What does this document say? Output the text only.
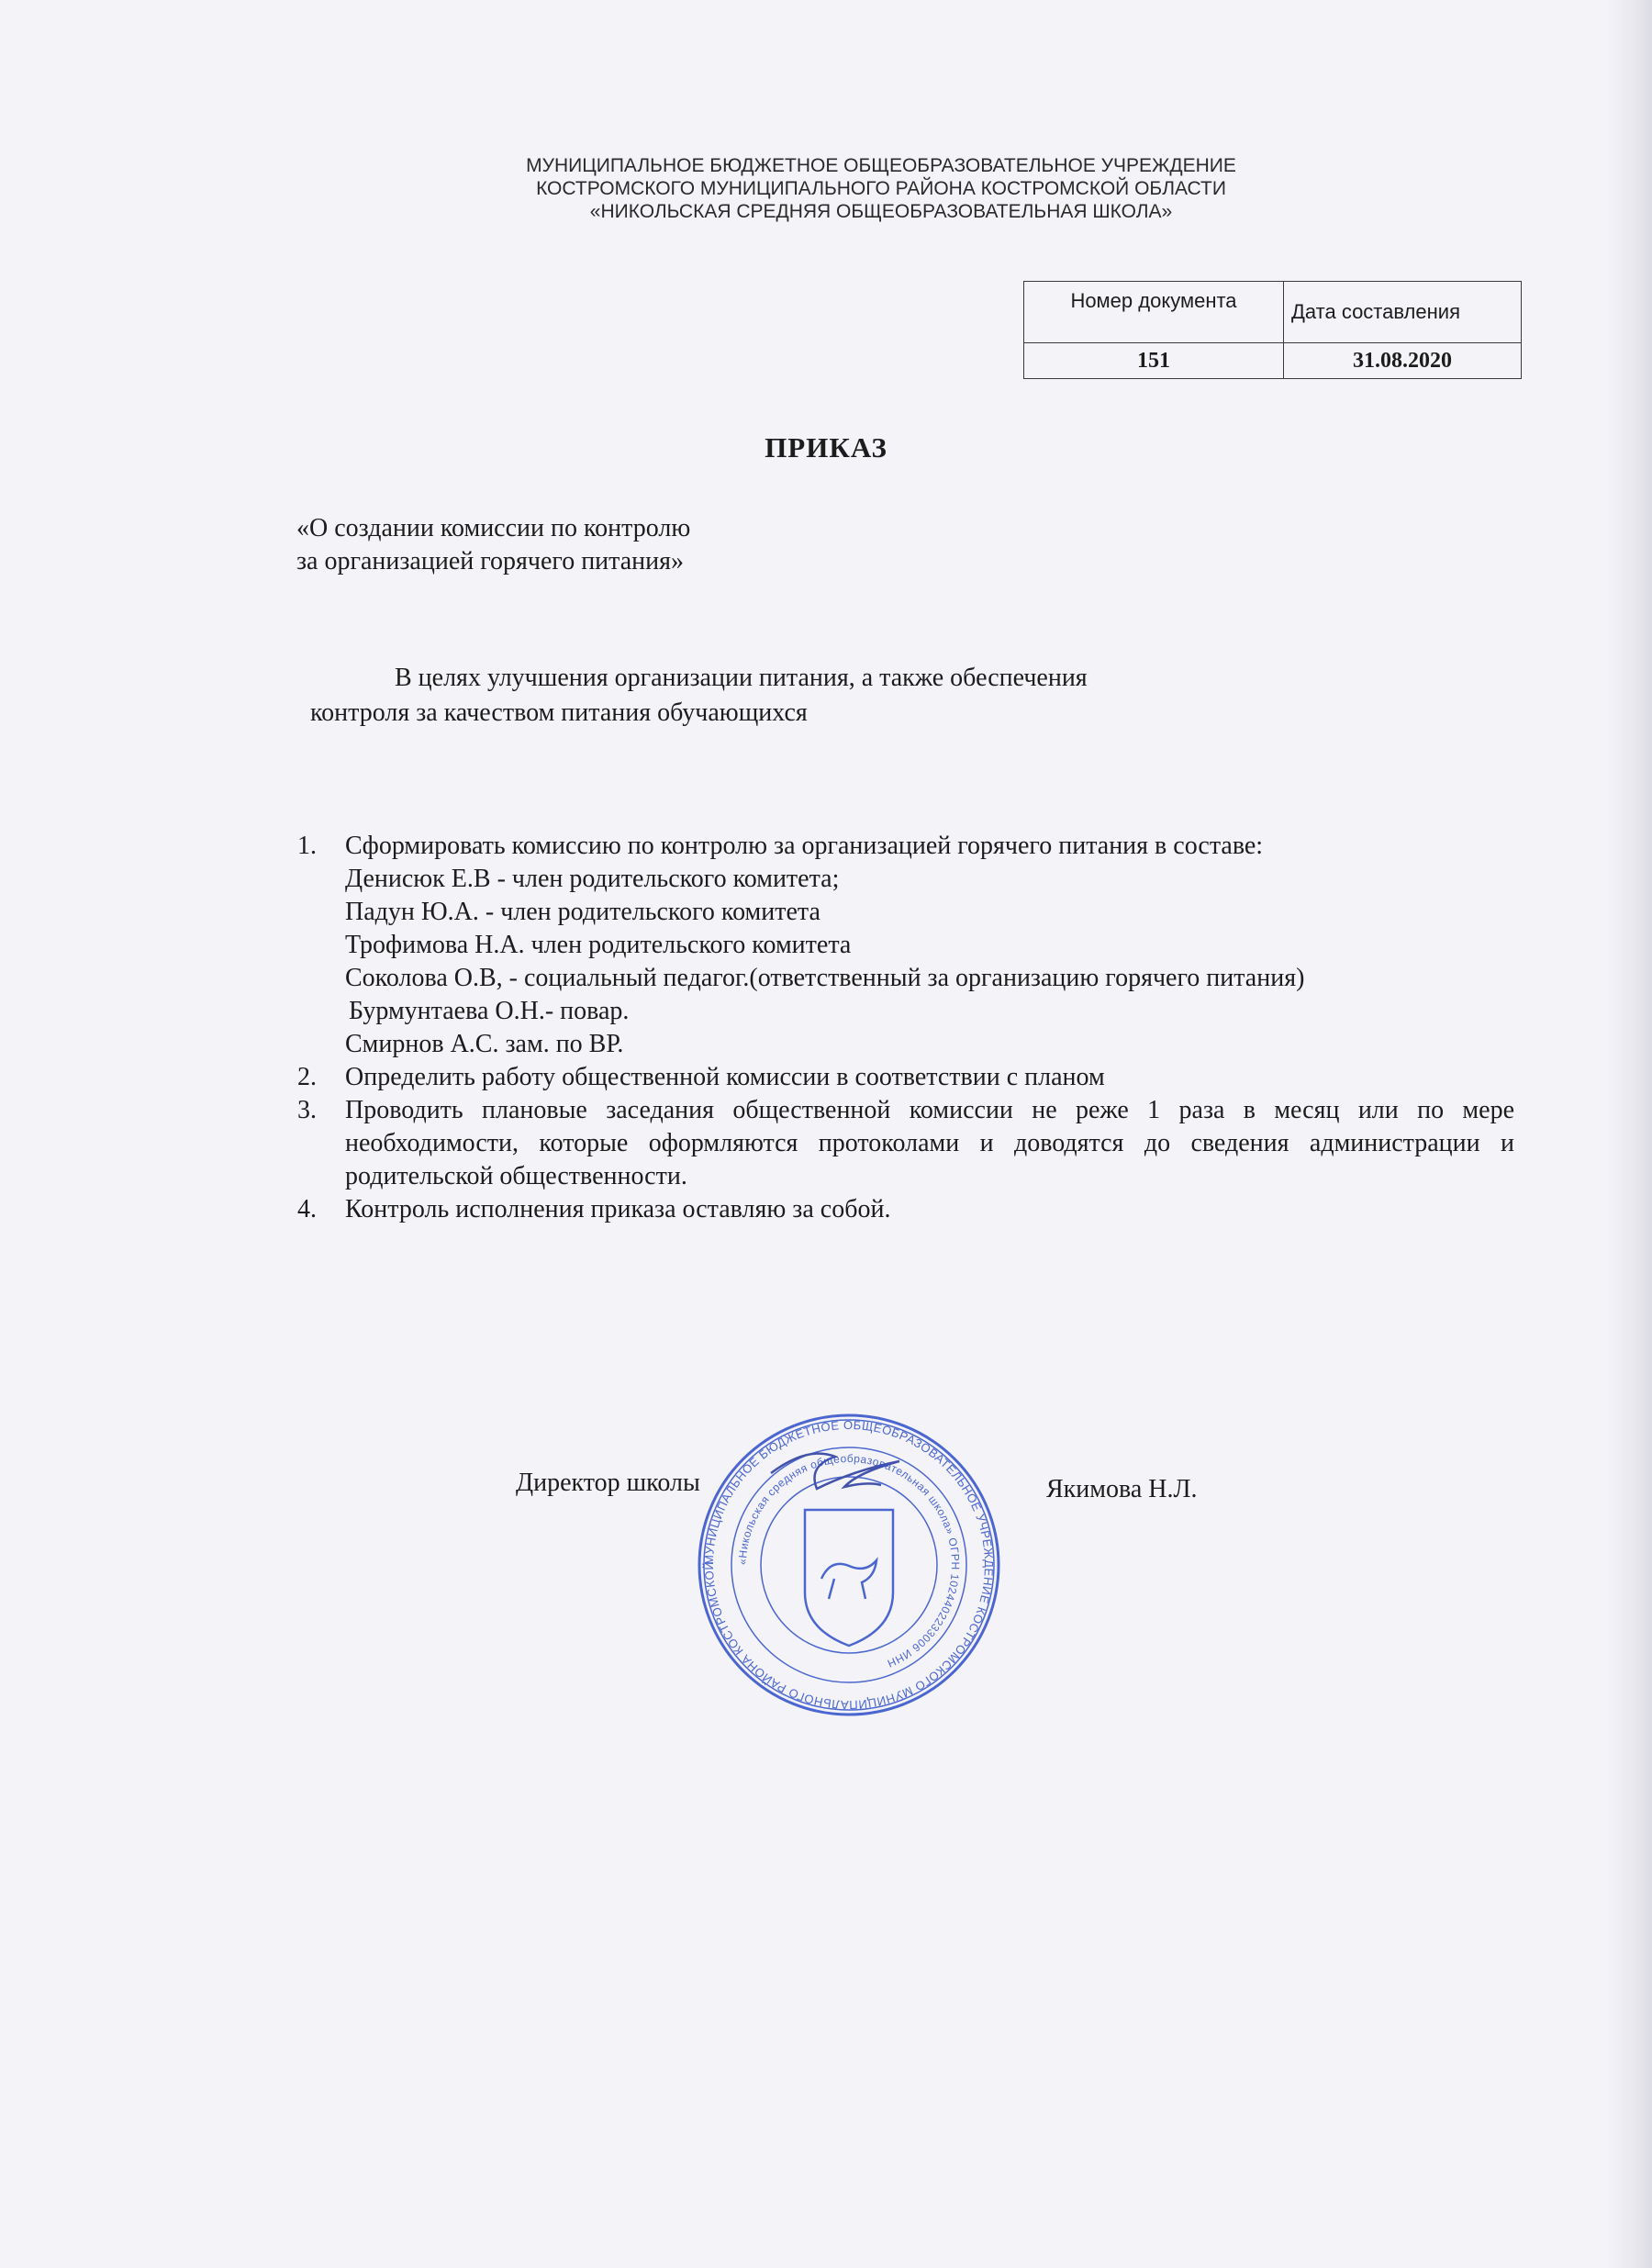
МУНИЦИПАЛЬНОЕ БЮДЖЕТНОЕ ОБЩЕОБРАЗОВАТЕЛЬНОЕ УЧРЕЖДЕНИЕ
КОСТРОМСКОГО МУНИЦИПАЛЬНОГО РАЙОНА КОСТРОМСКОЙ ОБЛАСТИ
«НИКОЛЬСКАЯ СРЕДНЯЯ ОБЩЕОБРАЗОВАТЕЛЬНАЯ ШКОЛА»
Номер документа	Дата составления
151	31.08.2020
ПРИКАЗ
«О создании комиссии по контролю
за организацией горячего питания»
В целях улучшения организации питания, а также обеспечения
контроля за качеством питания обучающихся
1. Сформировать комиссию по контролю за организацией горячего питания в составе:
Денисюк Е.В - член родительского комитета;
Падун Ю.А. - член родительского комитета
Трофимова Н.А. член родительского комитета
Соколова О.В, - социальный педагог.(ответственный за организацию горячего питания)
Бурмунтаева О.Н.- повар.
Смирнов А.С. зам. по ВР.
2. Определить работу общественной комиссии в соответствии с планом
3. Проводить плановые заседания общественной комиссии не реже 1 раза в месяц или по мере необходимости, которые оформляются протоколами и доводятся до сведения администрации и родительской общественности.
4. Контроль исполнения приказа оставляю за собой.
Директор школы	Якимова Н.Л.
МУНИЦИПАЛЬНОЕ БЮДЖЕТНОЕ ОБЩЕОБРАЗОВАТЕЛЬНОЕ УЧРЕЖДЕНИЕ КОСТРОМСКОГО МУНИЦИПАЛЬНОГО РАЙОНА КОСТРОМСКОЙ	«Никольская средняя общеобразовательная школа» ОГРН 1024402233006 ИНН
